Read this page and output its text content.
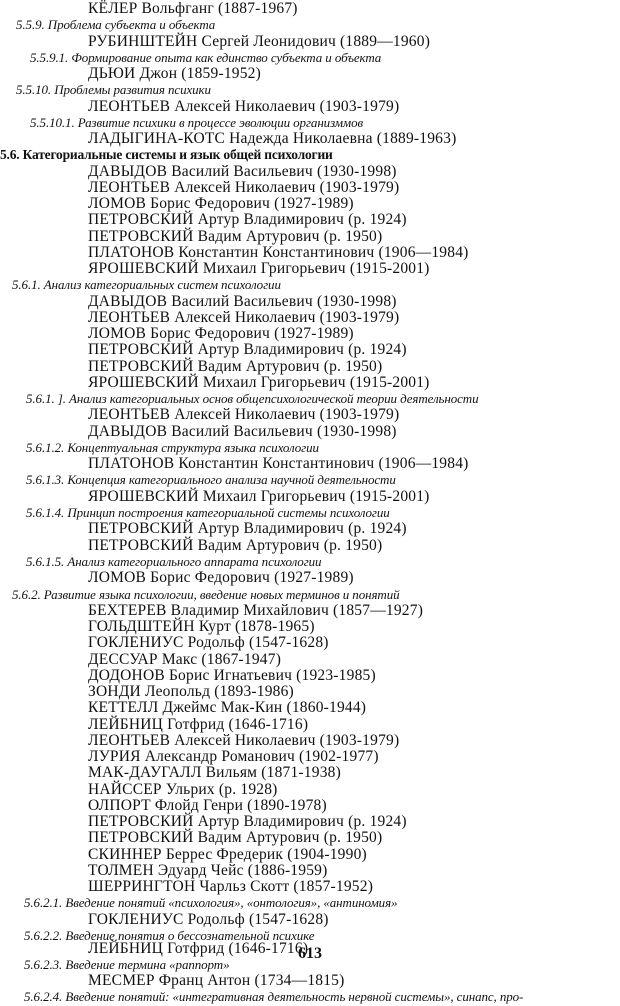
КЁЛЕР Вольфганг (1887-1967)
5.5.9. Проблема субъекта и объекта
РУБИНШТЕЙН Сергей Леонидович (1889—1960)
5.5.9.1. Формирование опыта как единство субъекта и объекта
ДЬЮИ Джон (1859-1952)
5.5.10. Проблемы развития психики
ЛЕОНТЬЕВ Алексей Николаевич (1903-1979)
5.5.10.1. Развитие психики в процессе эволюции организммов
ЛАДЫГИНА-КОТС Надежда Николаевна (1889-1963)
5.6. Категориальные системы и язык общей психологии
ДАВЫДОВ Василий Васильевич (1930-1998)
ЛЕОНТЬЕВ Алексей Николаевич (1903-1979)
ЛОМОВ Борис Федорович (1927-1989)
ПЕТРОВСКИЙ Артур Владимирович (р. 1924)
ПЕТРОВСКИЙ Вадим Артурович (р. 1950)
ПЛАТОНОВ Константин Константинович (1906—1984)
ЯРОШЕВСКИЙ Михаил Григорьевич (1915-2001)
5.6.1. Анализ категориальных систем психологии
ДАВЫДОВ Василий Васильевич (1930-1998)
ЛЕОНТЬЕВ Алексей Николаевич (1903-1979)
ЛОМОВ Борис Федорович (1927-1989)
ПЕТРОВСКИЙ Артур Владимирович (р. 1924)
ПЕТРОВСКИЙ Вадим Артурович (р. 1950)
ЯРОШЕВСКИЙ Михаил Григорьевич (1915-2001)
5.6.1. ]. Анализ категориальных основ общепсихологической теории деятельности
ЛЕОНТЬЕВ Алексей Николаевич (1903-1979)
ДАВЫДОВ Василий Васильевич (1930-1998)
5.6.1.2. Концептуальная структура языка психологии
ПЛАТОНОВ Константин Константинович (1906—1984)
5.6.1.3. Концепция категориального анализа научной деятельности
ЯРОШЕВСКИЙ Михаил Григорьевич (1915-2001)
5.6.1.4. Принцип построения категориальной системы психологии
ПЕТРОВСКИЙ Артур Владимирович (р. 1924)
ПЕТРОВСКИЙ Вадим Артурович (р. 1950)
5.6.1.5. Анализ категориального аппарата психологии
ЛОМОВ Борис Федорович (1927-1989)
5.6.2. Развитие языка психологии, введение новых терминов и понятий
БЕХТЕРЕВ Владимир Михайлович (1857—1927)
ГОЛЬДШТЕЙН Курт (1878-1965)
ГОКЛЕНИУС Родольф (1547-1628)
ДЕССУАР Макс (1867-1947)
ДОДОНОВ Борис Игнатьевич (1923-1985)
ЗОНДИ Леопольд (1893-1986)
КЕТТЕЛЛ Джеймс Мак-Кин (1860-1944)
ЛЕЙБНИЦ Готфрид (1646-1716)
ЛЕОНТЬЕВ Алексей Николаевич (1903-1979)
ЛУРИЯ Александр Романович (1902-1977)
МАК-ДАУГАЛЛ Вильям (1871-1938)
НАЙССЕР Ульрих (р. 1928)
ОЛПОРТ Флойд Генри (1890-1978)
ПЕТРОВСКИЙ Артур Владимирович (р. 1924)
ПЕТРОВСКИЙ Вадим Артурович (р. 1950)
СКИННЕР Беррес Фредерик (1904-1990)
ТОЛМЕН Эдуард Чейс (1886-1959)
ШЕРРИНГТОН Чарльз Скотт (1857-1952)
5.6.2.1. Введение понятий «психология», «онтология», «антиномия»
ГОКЛЕНИУС Родольф (1547-1628)
5.6.2.2. Введение понятия о бессознательной психике
ЛЕЙБНИЦ Готфрид (1646-1716)
5.6.2.3. Введение термина «раппорт»
МЕСМЕР Франц Антон (1734—1815)
5.6.2.4. Введение понятий: «интегративная деятельность нервной системы», синапс, про-
613
